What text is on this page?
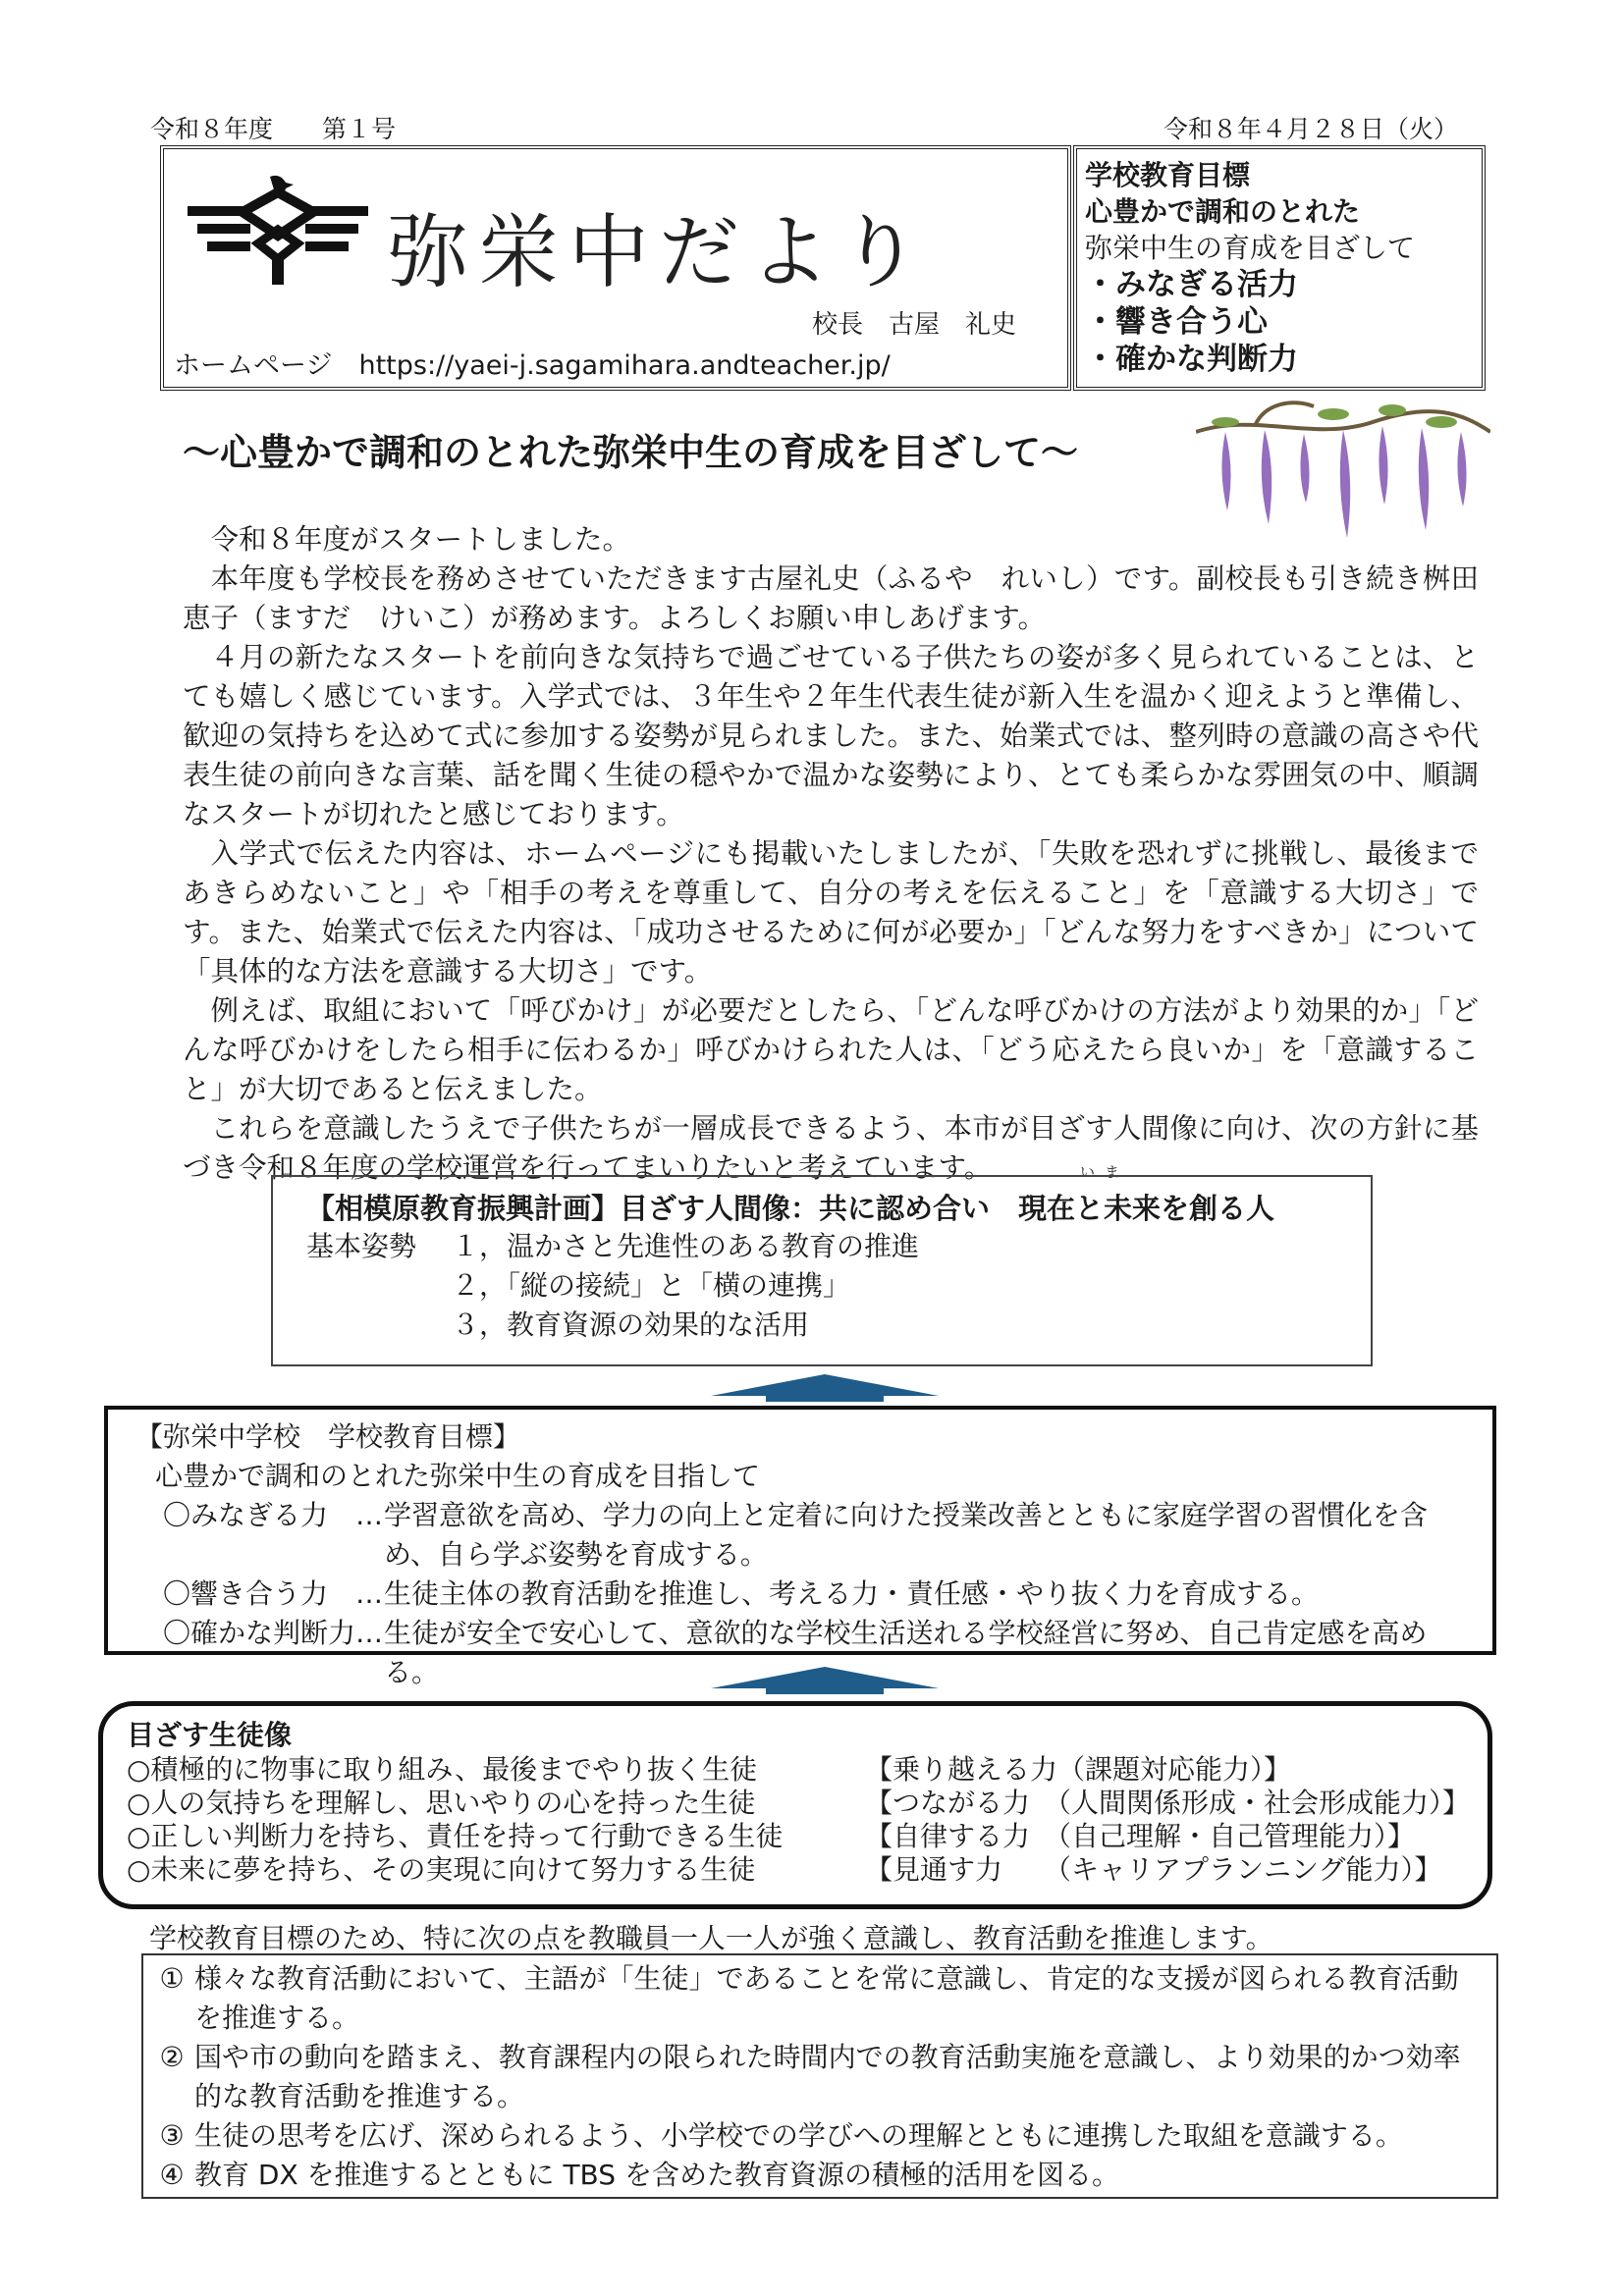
令和８年度　　第１号	令和８年４月２８日（火）
弥栄中だより
校長　古屋　礼史
ホームページ　https://yaei-j.sagamihara.andteacher.jp/
学校教育目標
心豊かで調和のとれた
弥栄中生の育成を目ざして
・みなぎる活力
・響き合う心
・確かな判断力
～心豊かで調和のとれた弥栄中生の育成を目ざして～

令和８年度がスタートしました。

本年度も学校長を務めさせていただきます古屋礼史（ふるや　れいし）です。副校長も引き続き桝田恵子（ますだ　けいこ）が務めます。よろしくお願い申しあげます。

４月の新たなスタートを前向きな気持ちで過ごせている子供たちの姿が多く見られていることは、とても嬉しく感じています。入学式では、３年生や２年生代表生徒が新入生を温かく迎えようと準備し、歓迎の気持ちを込めて式に参加する姿勢が見られました。また、始業式では、整列時の意識の高さや代表生徒の前向きな言葉、話を聞く生徒の穏やかで温かな姿勢により、とても柔らかな雰囲気の中、順調なスタートが切れたと感じております。

入学式で伝えた内容は、ホームページにも掲載いたしましたが、「失敗を恐れずに挑戦し、最後まであきらめないこと」や「相手の考えを尊重して、自分の考えを伝えること」を「意識する大切さ」です。また、始業式で伝えた内容は、「成功させるために何が必要か」「どんな努力をすべきか」について「具体的な方法を意識する大切さ」です。

例えば、取組において「呼びかけ」が必要だとしたら、「どんな呼びかけの方法がより効果的か」「どんな呼びかけをしたら相手に伝わるか」呼びかけられた人は、「どう応えたら良いか」を「意識すること」が大切であると伝えました。

これらを意識したうえで子供たちが一層成長できるよう、本市が目ざす人間像に向け、次の方針に基づき令和８年度の学校運営を行ってまいりたいと考えています。	いま
【相模原教育振興計画】目ざす人間像：共に認め合い　現在と未来を創る人
基本姿勢	１，温かさと先進性のある教育の推進
２，「縦の接続」と「横の連携」
３，教育資源の効果的な活用
【弥栄中学校　学校教育目標】
心豊かで調和のとれた弥栄中生の育成を目指して
〇みなぎる力　… 学習意欲を高め、学力の向上と定着に向けた授業改善とともに家庭学習の習慣化を含め、自ら学ぶ姿勢を育成する。
〇響き合う力　… 生徒主体の教育活動を推進し、考える力・責任感・やり抜く力を育成する。
〇確かな判断力… 生徒が安全で安心して、意欲的な学校生活送れる学校経営に努め、自己肯定感を高める。
目ざす生徒像
○積極的に物事に取り組み、最後までやり抜く生徒	【乗り越える力（課題対応能力）】
○人の気持ちを理解し、思いやりの心を持った生徒	【つながる力　（人間関係形成・社会形成能力）】
○正しい判断力を持ち、責任を持って行動できる生徒	【自律する力　（自己理解・自己管理能力）】
○未来に夢を持ち、その実現に向けて努力する生徒	【見通す力　　（キャリアプランニング能力）】
学校教育目標のため、特に次の点を教職員一人一人が強く意識し、教育活動を推進します。
① 様々な教育活動において、主語が「生徒」であることを常に意識し、肯定的な支援が図られる教育活動を推進する。
② 国や市の動向を踏まえ、教育課程内の限られた時間内での教育活動実施を意識し、より効果的かつ効率的な教育活動を推進する。
③ 生徒の思考を広げ、深められるよう、小学校での学びへの理解とともに連携した取組を意識する。
④ 教育 DX を推進するとともに TBS を含めた教育資源の積極的活用を図る。
